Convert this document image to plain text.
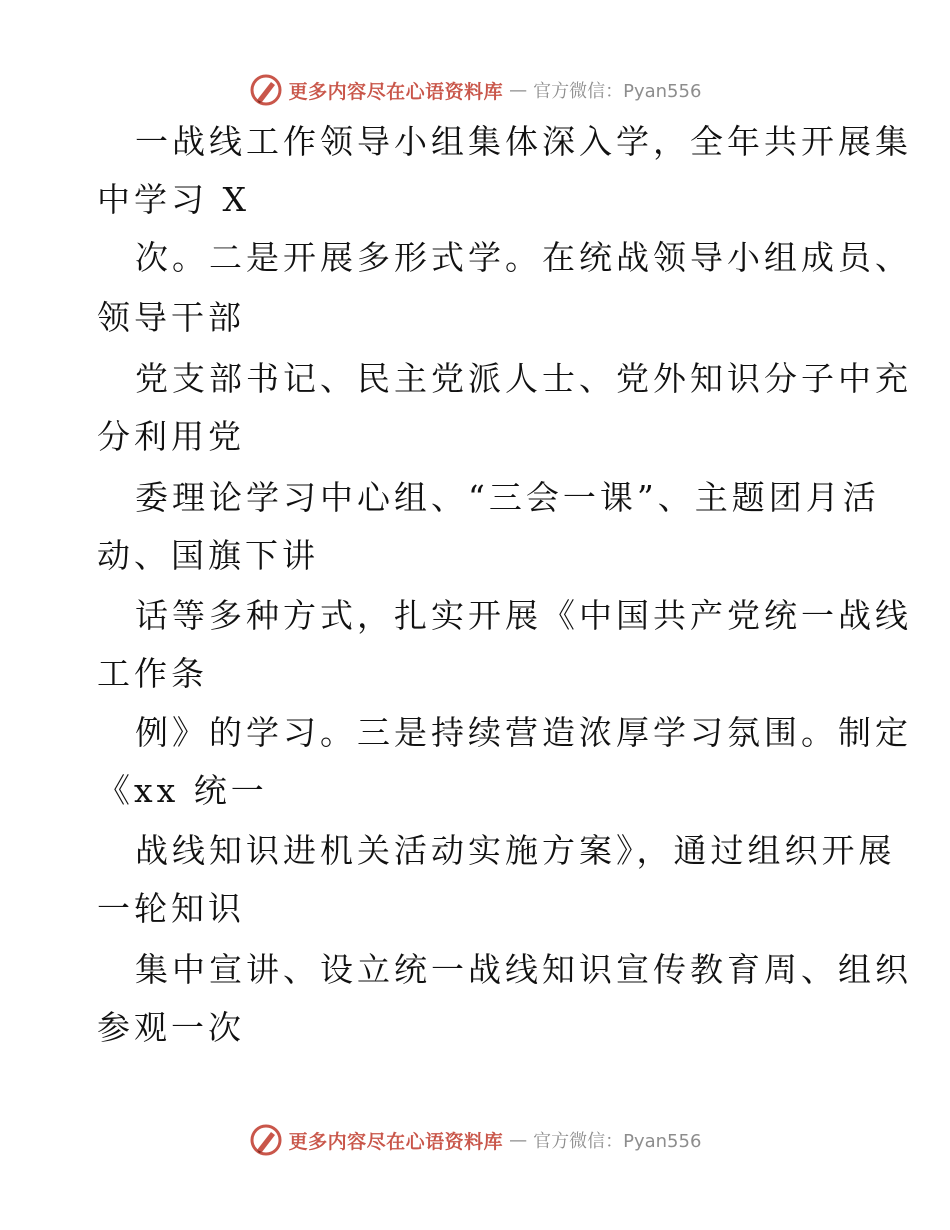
更多内容尽在心语资料库 — 官方微信：Pyan556
一战线工作领导小组集体深入学，全年共开展集
中学习 X
次。二是开展多形式学。在统战领导小组成员、
领导干部
党支部书记、民主党派人士、党外知识分子中充
分利用党
委理论学习中心组、“三会一课”、主题团月活
动、国旗下讲
话等多种方式，扎实开展《中国共产党统一战线
工作条
例》的学习。三是持续营造浓厚学习氛围。制定
《xx 统一
战线知识进机关活动实施方案》，通过组织开展
一轮知识
集中宣讲、设立统一战线知识宣传教育周、组织
参观一次
更多内容尽在心语资料库 — 官方微信：Pyan556
